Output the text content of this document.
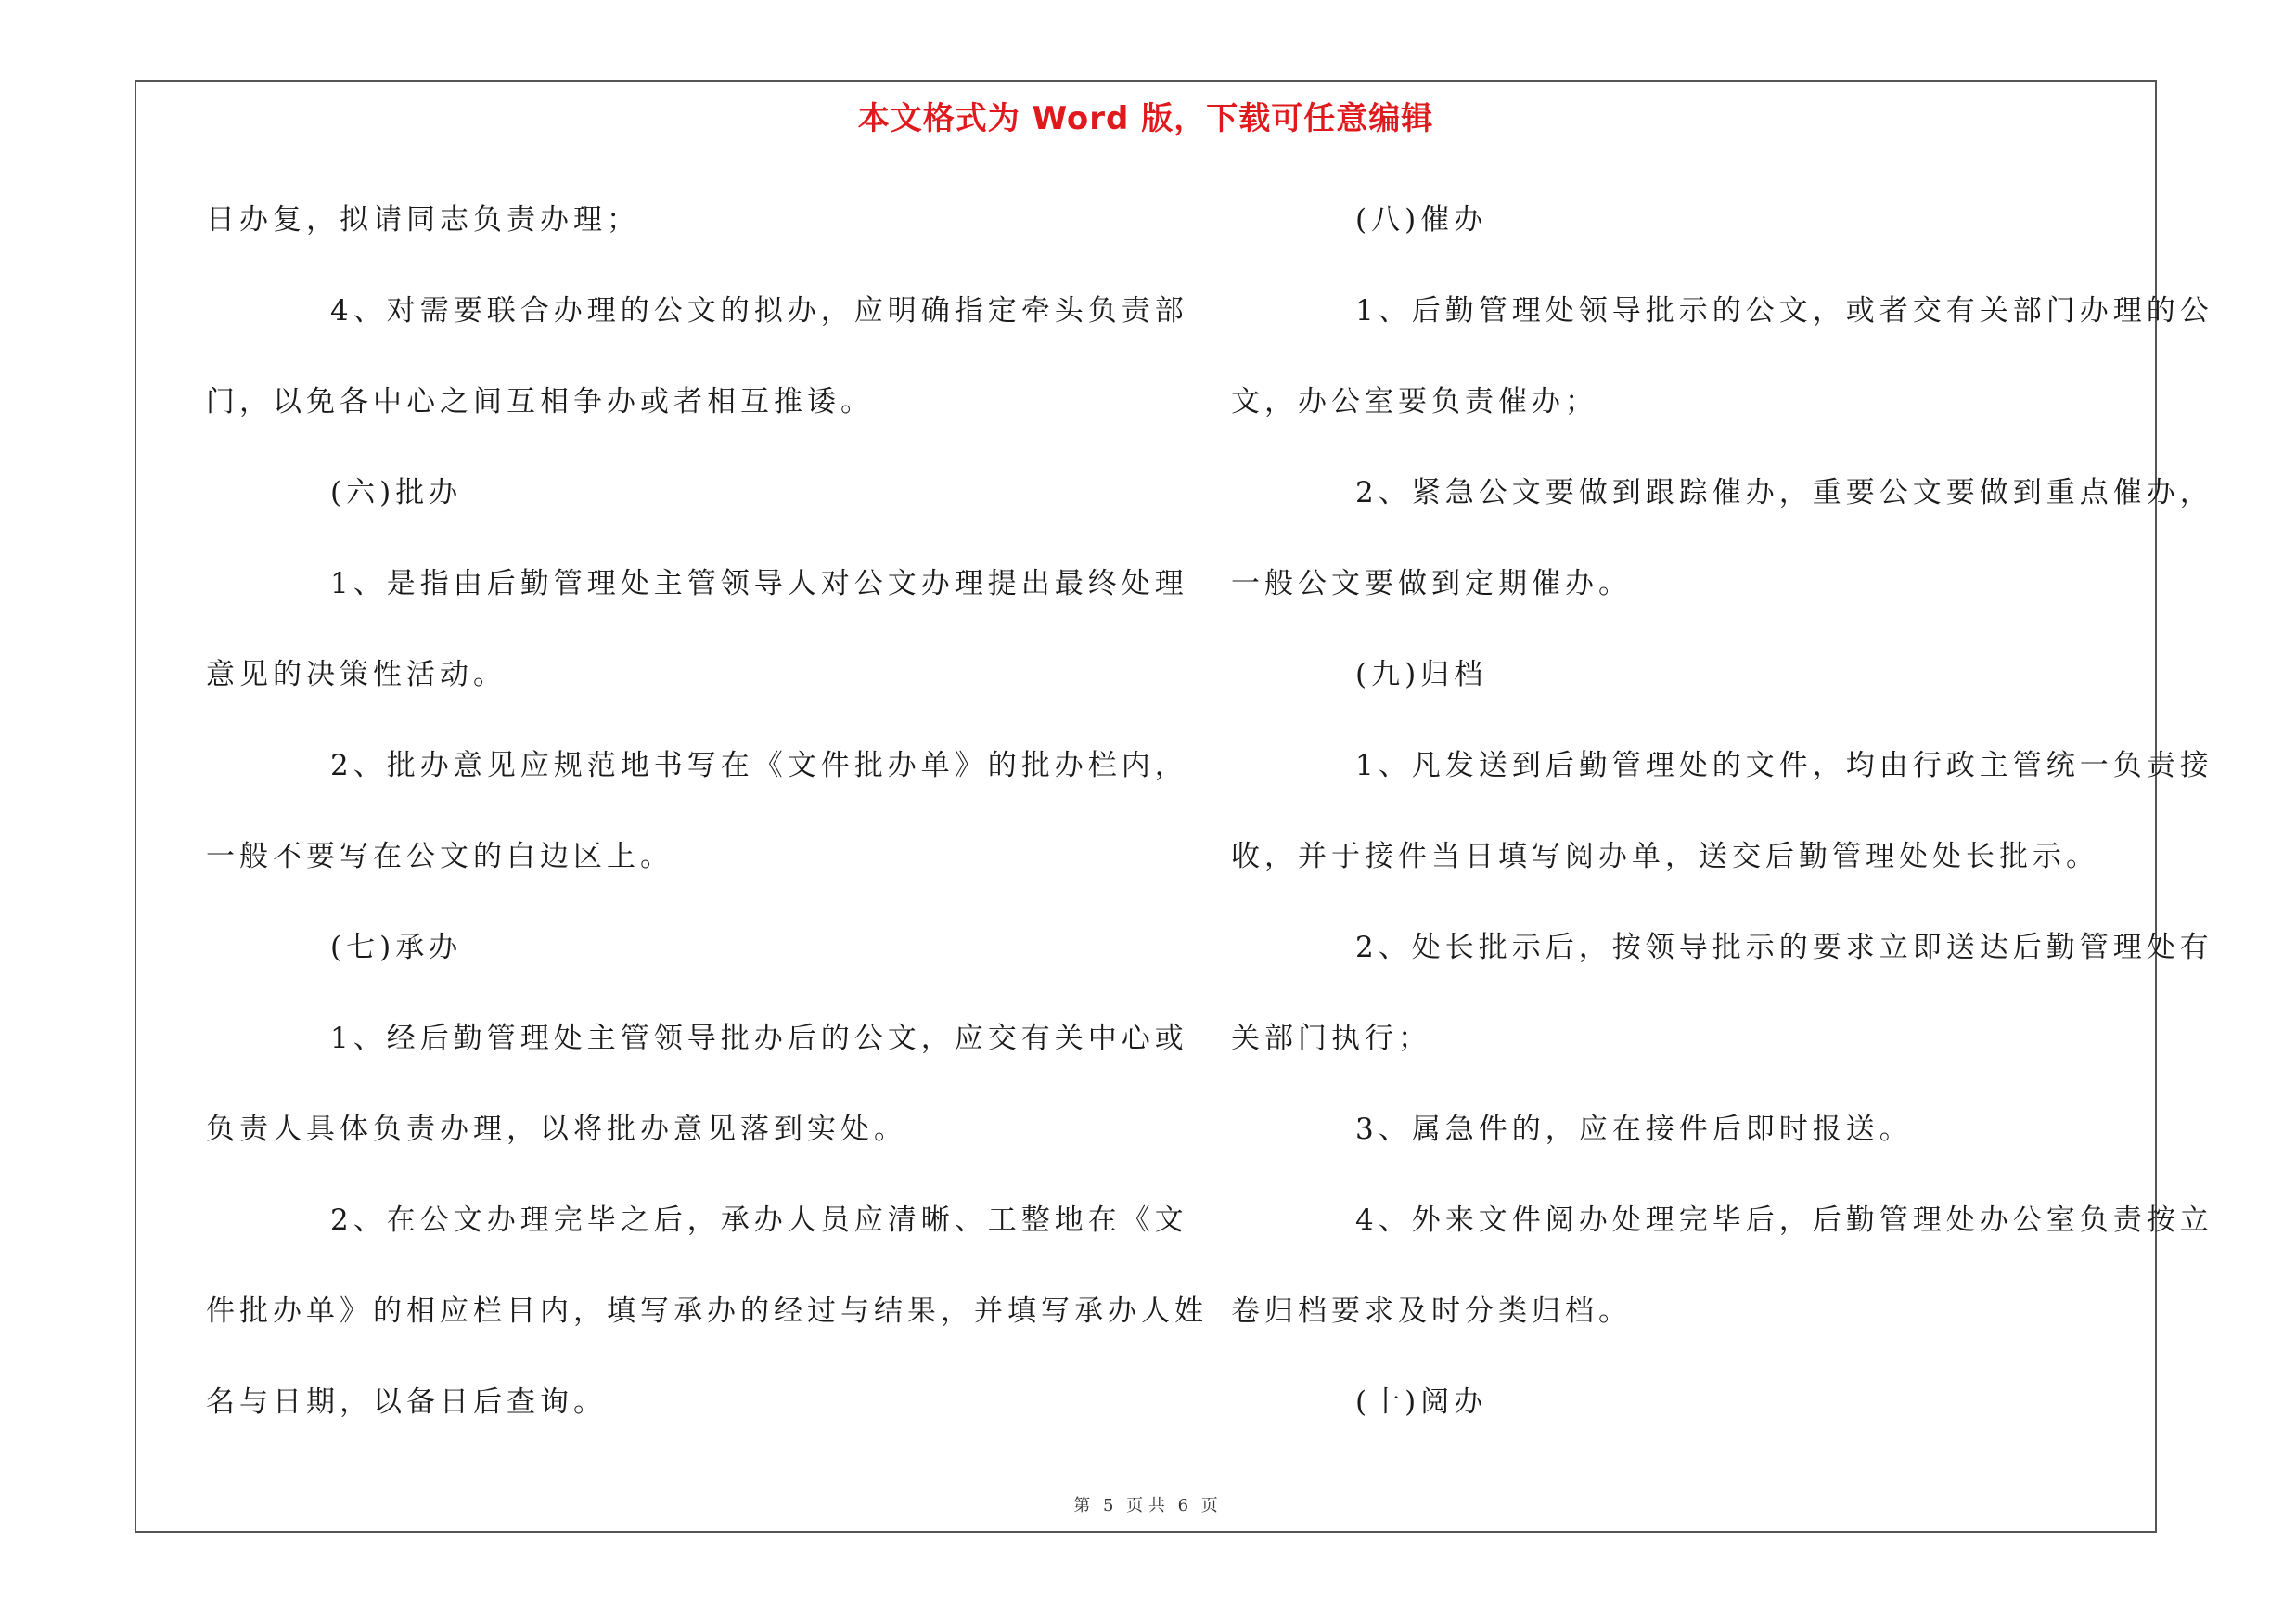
本文格式为 Word 版，下载可任意编辑
日办复，拟请同志负责办理；
4、对需要联合办理的公文的拟办，应明确指定牵头负责部
门，以免各中心之间互相争办或者相互推诿。
(六)批办
1、是指由后勤管理处主管领导人对公文办理提出最终处理
意见的决策性活动。
2、批办意见应规范地书写在《文件批办单》的批办栏内，
一般不要写在公文的白边区上。
(七)承办
1、经后勤管理处主管领导批办后的公文，应交有关中心或
负责人具体负责办理，以将批办意见落到实处。
2、在公文办理完毕之后，承办人员应清晰、工整地在《文
件批办单》的相应栏目内，填写承办的经过与结果，并填写承办人姓
名与日期，以备日后查询。
(八)催办
1、后勤管理处领导批示的公文，或者交有关部门办理的公
文，办公室要负责催办；
2、紧急公文要做到跟踪催办，重要公文要做到重点催办，
一般公文要做到定期催办。
(九)归档
1、凡发送到后勤管理处的文件，均由行政主管统一负责接
收，并于接件当日填写阅办单，送交后勤管理处处长批示。
2、处长批示后，按领导批示的要求立即送达后勤管理处有
关部门执行；
3、属急件的，应在接件后即时报送。
4、外来文件阅办处理完毕后，后勤管理处办公室负责按立
卷归档要求及时分类归档。
(十)阅办
第 5 页 共 6 页
